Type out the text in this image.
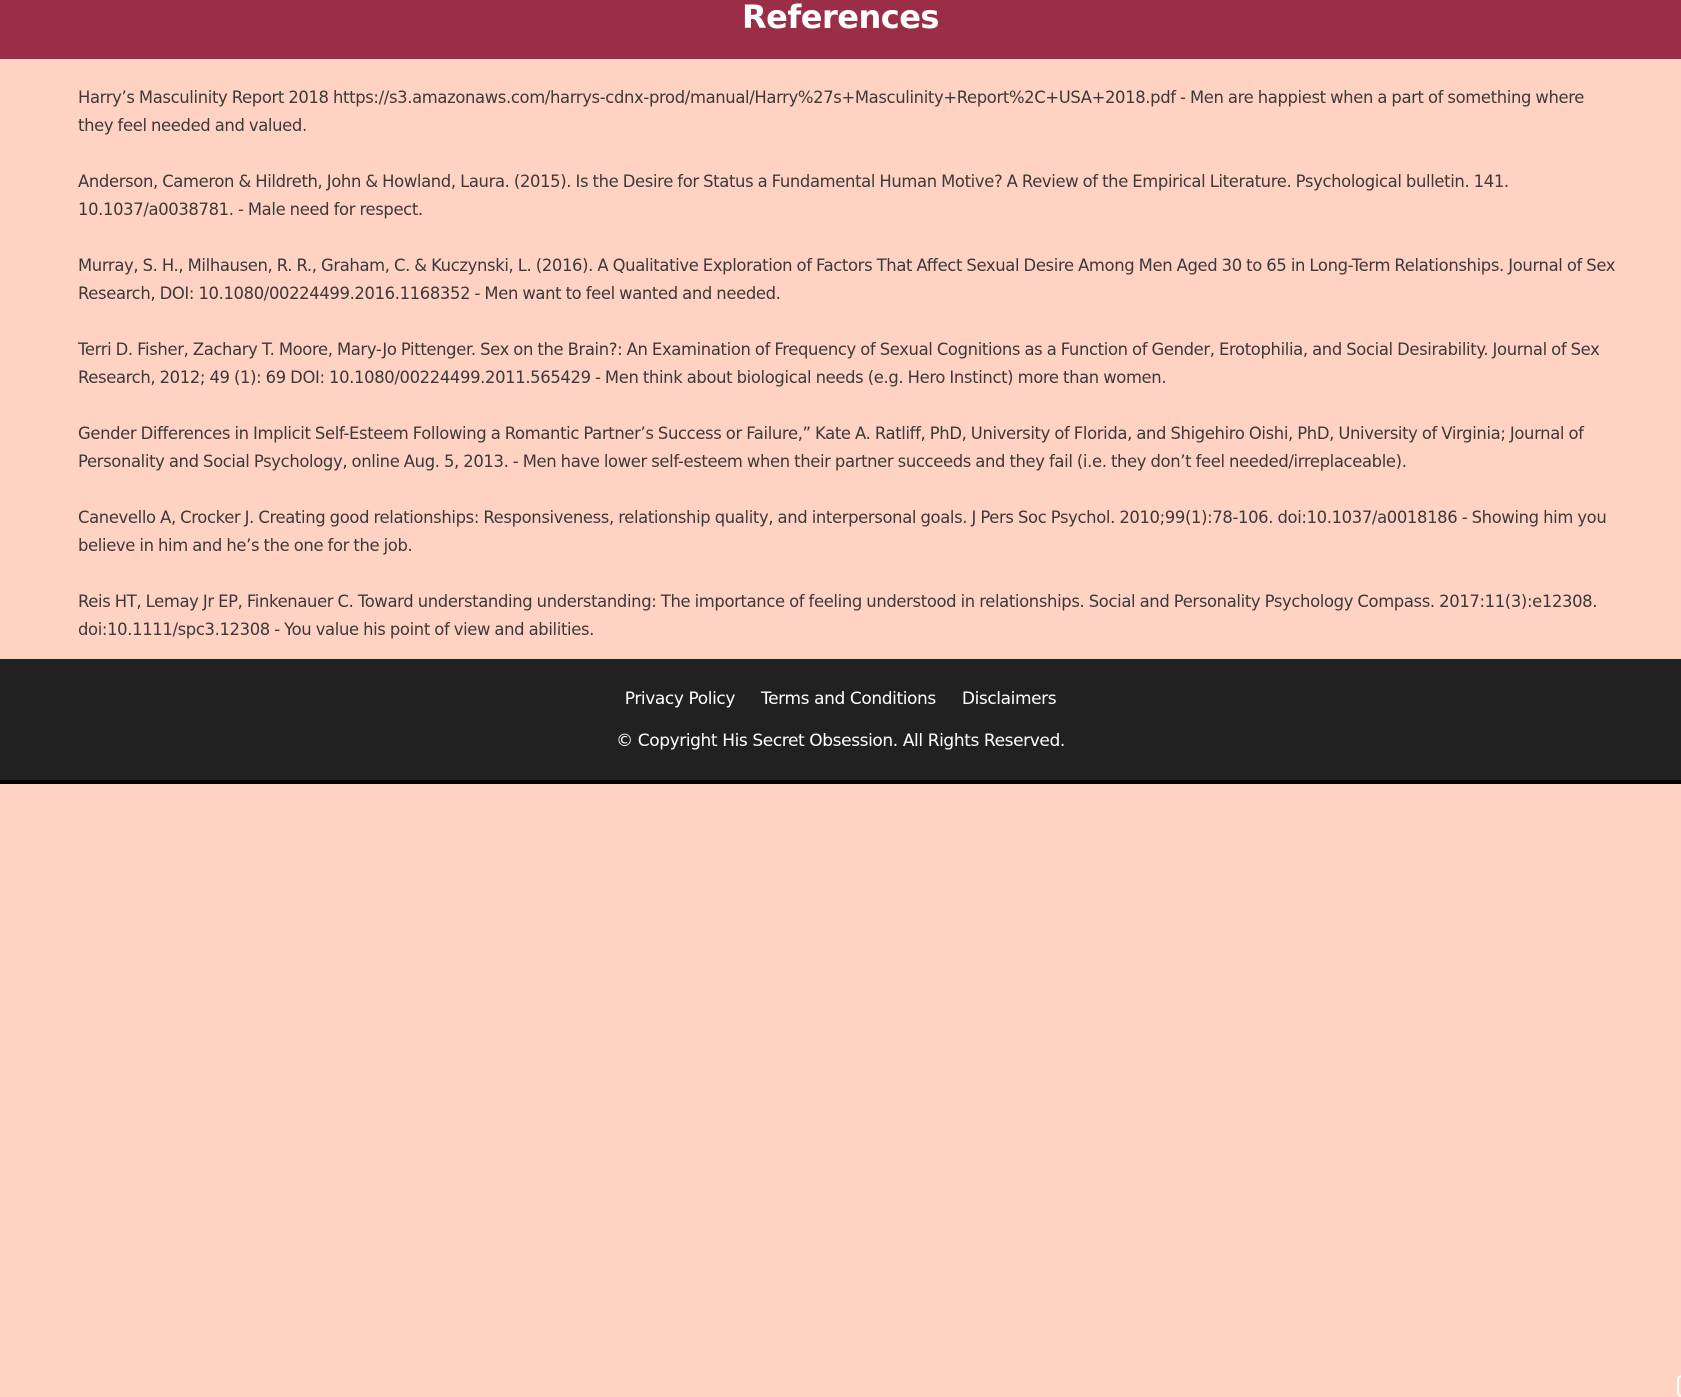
References

Harry’s Masculinity Report 2018 https://s3.amazonaws.com/harrys-cdnx-prod/manual/Harry%27s+Masculinity+Report%2C+USA+2018.pdf - Men are happiest when a part of something where they feel needed and valued.

Anderson, Cameron & Hildreth, John & Howland, Laura. (2015). Is the Desire for Status a Fundamental Human Motive? A Review of the Empirical Literature. Psychological bulletin. 141. 10.1037/a0038781. - Male need for respect.

Murray, S. H., Milhausen, R. R., Graham, C. & Kuczynski, L. (2016). A Qualitative Exploration of Factors That Affect Sexual Desire Among Men Aged 30 to 65 in Long-Term Relationships. Journal of Sex Research, DOI: 10.1080/00224499.2016.1168352 - Men want to feel wanted and needed.

Terri D. Fisher, Zachary T. Moore, Mary-Jo Pittenger. Sex on the Brain?: An Examination of Frequency of Sexual Cognitions as a Function of Gender, Erotophilia, and Social Desirability. Journal of Sex Research, 2012; 49 (1): 69 DOI: 10.1080/00224499.2011.565429 - Men think about biological needs (e.g. Hero Instinct) more than women.

Gender Differences in Implicit Self-Esteem Following a Romantic Partner’s Success or Failure,” Kate A. Ratliff, PhD, University of Florida, and Shigehiro Oishi, PhD, University of Virginia; Journal of Personality and Social Psychology, online Aug. 5, 2013. - Men have lower self-esteem when their partner succeeds and they fail (i.e. they don’t feel needed/irreplaceable).

Canevello A, Crocker J. Creating good relationships: Responsiveness, relationship quality, and interpersonal goals. J Pers Soc Psychol. 2010;99(1):78-106. doi:10.1037/a0018186 - Showing him you believe in him and he’s the one for the job.

Reis HT, Lemay Jr EP, Finkenauer C. Toward understanding understanding: The importance of feeling understood in relationships. Social and Personality Psychology Compass. 2017:11(3):e12308. doi:10.1111/spc3.12308 - You value his point of view and abilities.

Privacy Policy Terms and Conditions Disclaimers
© Copyright His Secret Obsession. All Rights Reserved.
